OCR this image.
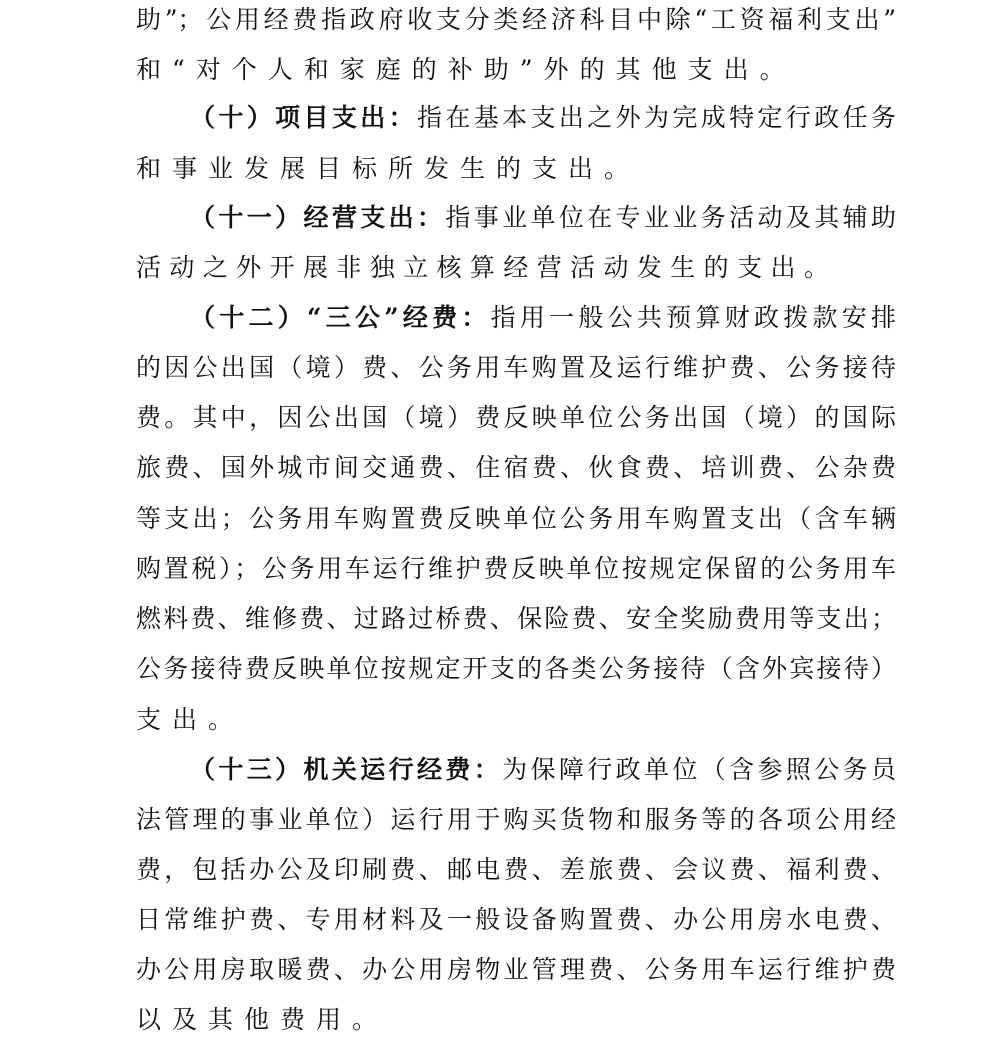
助”；公用经费指政府收支分类经济科目中除“工资福利支出”
和“对个人和家庭的补助”外的其他支出。
（十）项目支出：指在基本支出之外为完成特定行政任务
和事业发展目标所发生的支出。
（十一）经营支出：指事业单位在专业业务活动及其辅助
活动之外开展非独立核算经营活动发生的支出。
（十二）“三公”经费：指用一般公共预算财政拨款安排
的因公出国（境）费、公务用车购置及运行维护费、公务接待
费。其中，因公出国（境）费反映单位公务出国（境）的国际
旅费、国外城市间交通费、住宿费、伙食费、培训费、公杂费
等支出；公务用车购置费反映单位公务用车购置支出（含车辆
购置税）；公务用车运行维护费反映单位按规定保留的公务用车
燃料费、维修费、过路过桥费、保险费、安全奖励费用等支出；
公务接待费反映单位按规定开支的各类公务接待（含外宾接待）
支出。
（十三）机关运行经费：为保障行政单位（含参照公务员
法管理的事业单位）运行用于购买货物和服务等的各项公用经
费，包括办公及印刷费、邮电费、差旅费、会议费、福利费、
日常维护费、专用材料及一般设备购置费、办公用房水电费、
办公用房取暖费、办公用房物业管理费、公务用车运行维护费
以及其他费用。
